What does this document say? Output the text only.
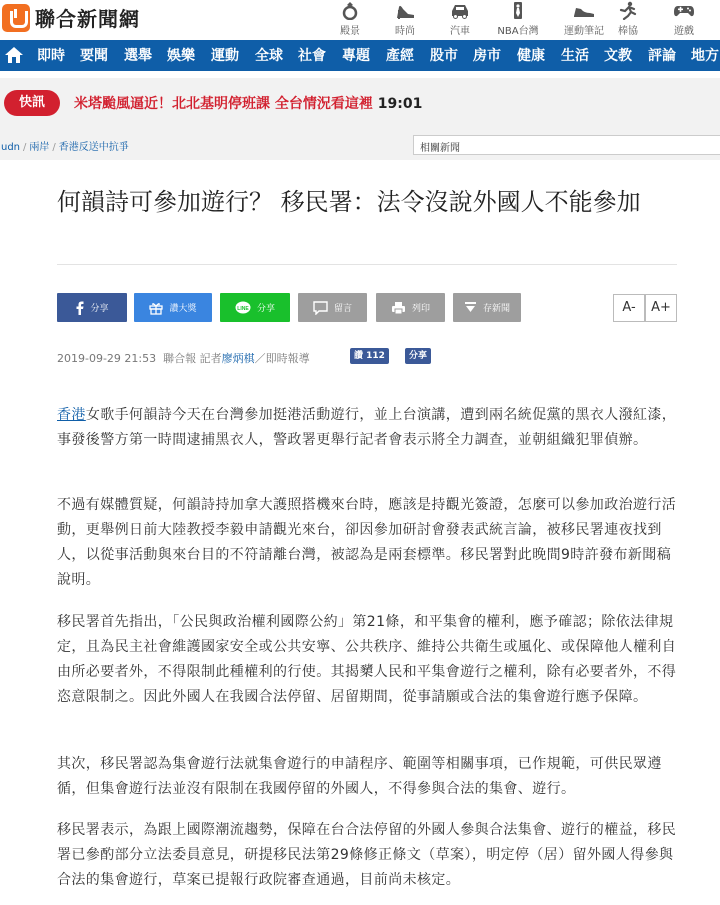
聯合新聞網
殿景	時尚	汽車	NBA台灣	運動筆記	棒協	遊戲
即時 要聞 選舉 娛樂 運動 全球 社會 專題 產經 股市 房市 健康 生活 文教 評論 地方
快訊	米塔颱風逼近！北北基明停班課 全台情況看這裡 19:01
udn / 兩岸 / 香港反送中抗爭	相關新聞
何韻詩可參加遊行？ 移民署：法令沒說外國人不能參加
分享	讚大獎	LINE 分享	留言	列印	存新聞	A-	A+
2019-09-29 21:53 聯合報 記者廖炳棋／即時報導	讚 112	分享

香港女歌手何韻詩今天在台灣參加挺港活動遊行，並上台演講，遭到兩名統促黨的黑衣人潑紅漆，事發後警方第一時間逮捕黑衣人，警政署更舉行記者會表示將全力調查，並朝組織犯罪偵辦。

不過有媒體質疑，何韻詩持加拿大護照搭機來台時，應該是持觀光簽證，怎麼可以參加政治遊行活動，更舉例日前大陸教授李毅申請觀光來台，卻因參加研討會發表武統言論，被移民署連夜找到人，以從事活動與來台目的不符請離台灣，被認為是兩套標準。移民署對此晚間9時許發布新聞稿說明。

移民署首先指出，「公民與政治權利國際公約」第21條，和平集會的權利，應予確認；除依法律規定，且為民主社會維護國家安全或公共安寧、公共秩序、維持公共衛生或風化、或保障他人權利自由所必要者外，不得限制此種權利的行使。其揭櫫人民和平集會遊行之權利，除有必要者外，不得恣意限制之。因此外國人在我國合法停留、居留期間，從事請願或合法的集會遊行應予保障。

其次，移民署認為集會遊行法就集會遊行的申請程序、範圍等相關事項，已作規範，可供民眾遵循，但集會遊行法並沒有限制在我國停留的外國人，不得參與合法的集會、遊行。

移民署表示，為跟上國際潮流趨勢，保障在台合法停留的外國人參與合法集會、遊行的權益，移民署已參酌部分立法委員意見，研提移民法第29條修正條文（草案），明定停（居）留外國人得參與合法的集會遊行，草案已提報行政院審查通過，目前尚未核定。
